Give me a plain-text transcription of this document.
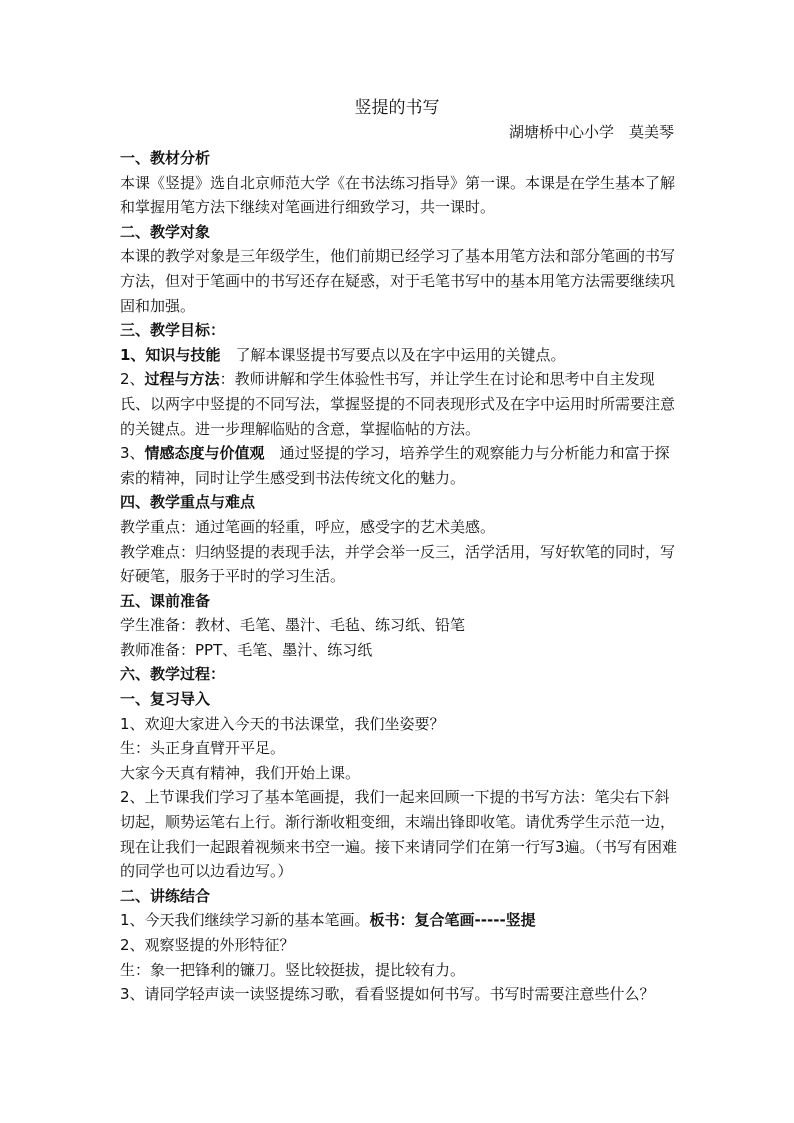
竖提的书写
湖塘桥中心小学　莫美琴

一、教材分析

本课《竖提》选自北京师范大学《在书法练习指导》第一课。本课是在学生基本了解和掌握用笔方法下继续对笔画进行细致学习，共一课时。

二、教学对象

本课的教学对象是三年级学生，他们前期已经学习了基本用笔方法和部分笔画的书写方法，但对于笔画中的书写还存在疑惑，对于毛笔书写中的基本用笔方法需要继续巩固和加强。

三、教学目标：

1、知识与技能　了解本课竖提书写要点以及在字中运用的关键点。

2、过程与方法：教师讲解和学生体验性书写，并让学生在讨论和思考中自主发现氏、以两字中竖提的不同写法，掌握竖提的不同表现形式及在字中运用时所需要注意的关键点。进一步理解临贴的含意，掌握临帖的方法。

3、情感态度与价值观　通过竖提的学习，培养学生的观察能力与分析能力和富于探索的精神，同时让学生感受到书法传统文化的魅力。

四、教学重点与难点

教学重点：通过笔画的轻重，呼应，感受字的艺术美感。

教学难点：归纳竖提的表现手法，并学会举一反三，活学活用，写好软笔的同时，写好硬笔，服务于平时的学习生活。

五、课前准备

学生准备：教材、毛笔、墨汁、毛毡、练习纸、铅笔

教师准备：PPT、毛笔、墨汁、练习纸

六、教学过程：

一、复习导入

1、欢迎大家进入今天的书法课堂，我们坐姿要？

生：头正身直臂开平足。

大家今天真有精神，我们开始上课。

2、上节课我们学习了基本笔画提，我们一起来回顾一下提的书写方法：笔尖右下斜切起，顺势运笔右上行。渐行渐收粗变细，末端出锋即收笔。请优秀学生示范一边，现在让我们一起跟着视频来书空一遍。接下来请同学们在第一行写3遍。（书写有困难的同学也可以边看边写。）

二、讲练结合

1、今天我们继续学习新的基本笔画。板书：复合笔画-----竖提

2、观察竖提的外形特征？

生：象一把锋利的镰刀。竖比较挺拔，提比较有力。

3、请同学轻声读一读竖提练习歌，看看竖提如何书写。书写时需要注意些什么？
